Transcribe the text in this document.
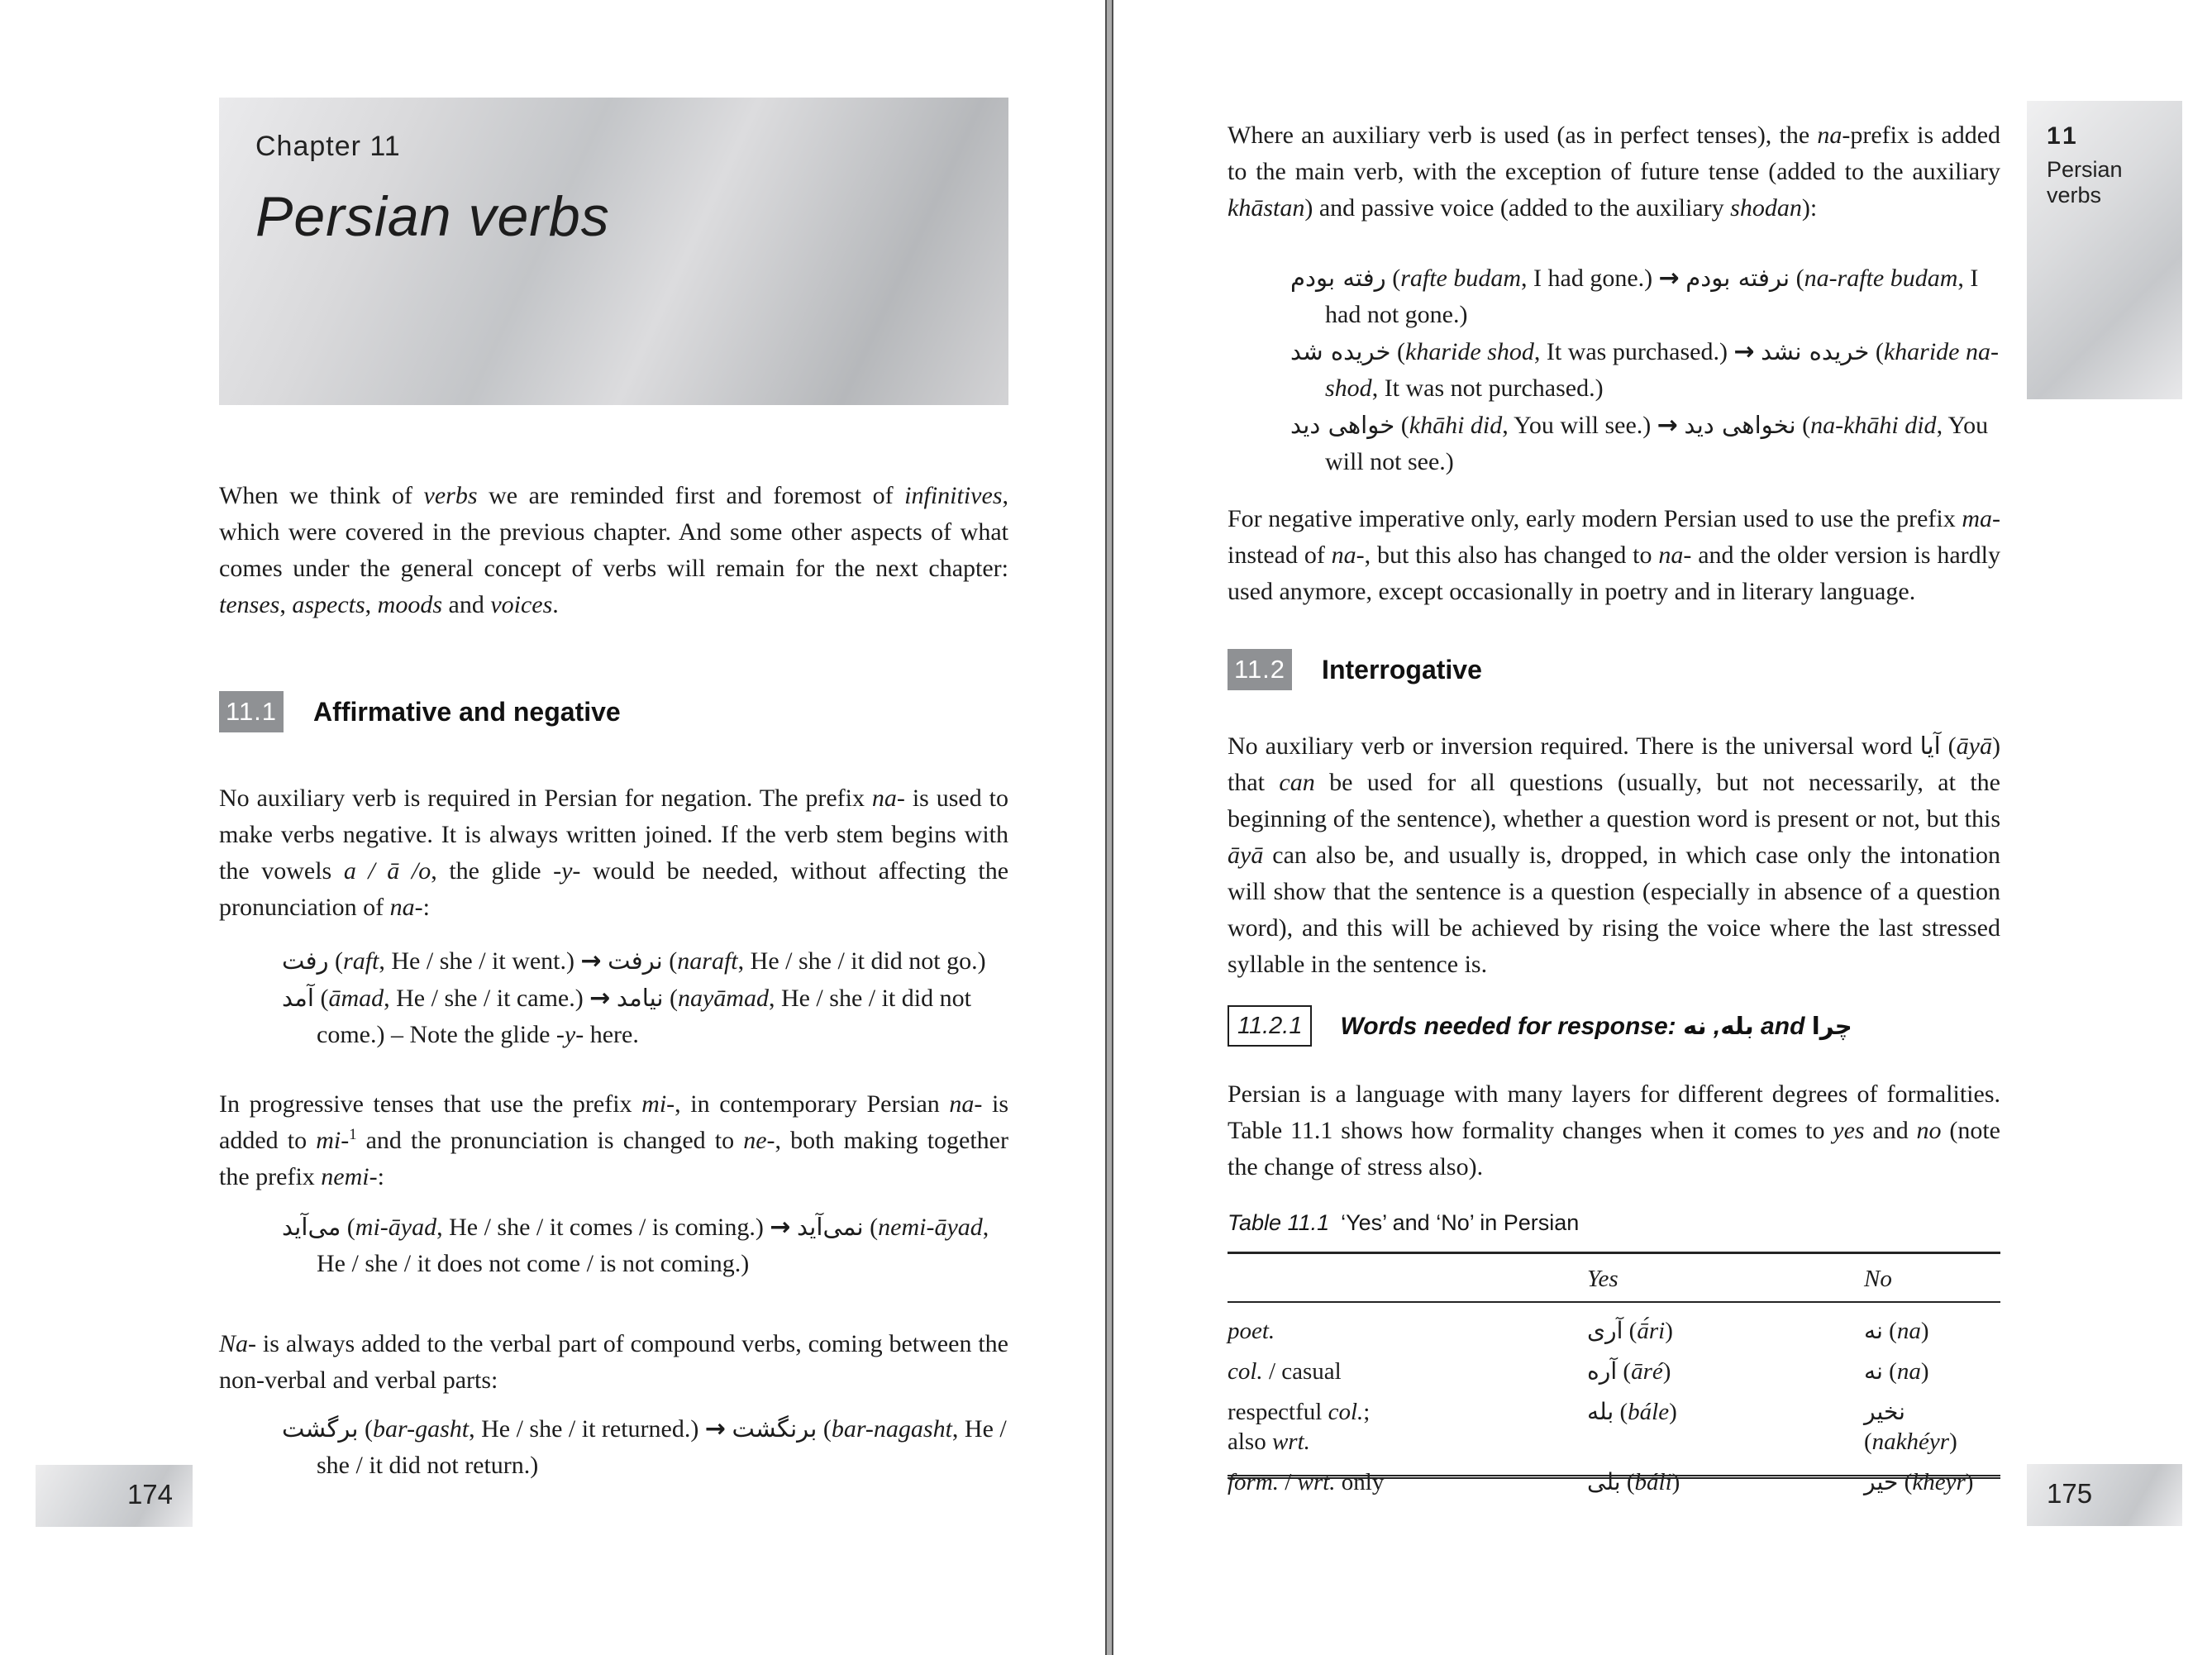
Chapter 11
Persian verbs
When we think of verbs we are reminded first and foremost of infinitives, which were covered in the previous chapter. And some other aspects of what comes under the general concept of verbs will remain for the next chapter: tenses, aspects, moods and voices.
11.1 Affirmative and negative
No auxiliary verb is required in Persian for negation. The prefix na- is used to make verbs negative. It is always written joined. If the verb stem begins with the vowels a / ā /o, the glide -y- would be needed, without affecting the pronunciation of na-:
رفت (raft, He / she / it went.) → نرفت (naraft, He / she / it did not go.)
آمد (āmad, He / she / it came.) → نیامد (nayāmad, He / she / it did not come.) – Note the glide -y- here.
In progressive tenses that use the prefix mi-, in contemporary Persian na- is added to mi-$^1$ and the pronunciation is changed to ne-, both making together the prefix nemi-:
می‌آید (mi-āyad, He / she / it comes / is coming.) → نمی‌آید (nemi-āyad, He / she / it does not come / is not coming.)
Na- is always added to the verbal part of compound verbs, coming between the non-verbal and verbal parts:
برگشت (bar-gasht, He / she / it returned.) → برنگشت (bar-nagasht, He / she / it did not return.)
174
11
Persian verbs
Where an auxiliary verb is used (as in perfect tenses), the na-prefix is added to the main verb, with the exception of future tense (added to the auxiliary khāstan) and passive voice (added to the auxiliary shodan):
رفته بودم (rafte budam, I had gone.) → نرفته بودم (na-rafte budam, I had not gone.)
خریده شد (kharide shod, It was purchased.) → خریده نشد (kharide na-shod, It was not purchased.)
خواهی دید (khāhi did, You will see.) → نخواهی دید (na-khāhi did, You will not see.)
For negative imperative only, early modern Persian used to use the prefix ma- instead of na-, but this also has changed to na- and the older version is hardly used anymore, except occasionally in poetry and in literary language.
11.2 Interrogative
No auxiliary verb or inversion required. There is the universal word آیا (āyā) that can be used for all questions (usually, but not necessarily, at the beginning of the sentence), whether a question word is present or not, but this āyā can also be, and usually is, dropped, in which case only the intonation will show that the sentence is a question (especially in absence of a question word), and this will be achieved by rising the voice where the last stressed syllable in the sentence is.
11.2.1	Words needed for response: بله, نه and چرا
Persian is a language with many layers for different degrees of formalities. Table 11.1 shows how formality changes when it comes to yes and no (note the change of stress also).
Table 11.1 ‘Yes’ and ‘No’ in Persian
	Yes	No
poet.	آری (ā́ri)	نه (na)
col. / casual	آره (āré)	نه (na)
respectful col.;
also wrt.	بله (bále)	نخیر (nakhéyr)
form. / wrt. only	بلی (báli)	خیر (kheyr)	175
